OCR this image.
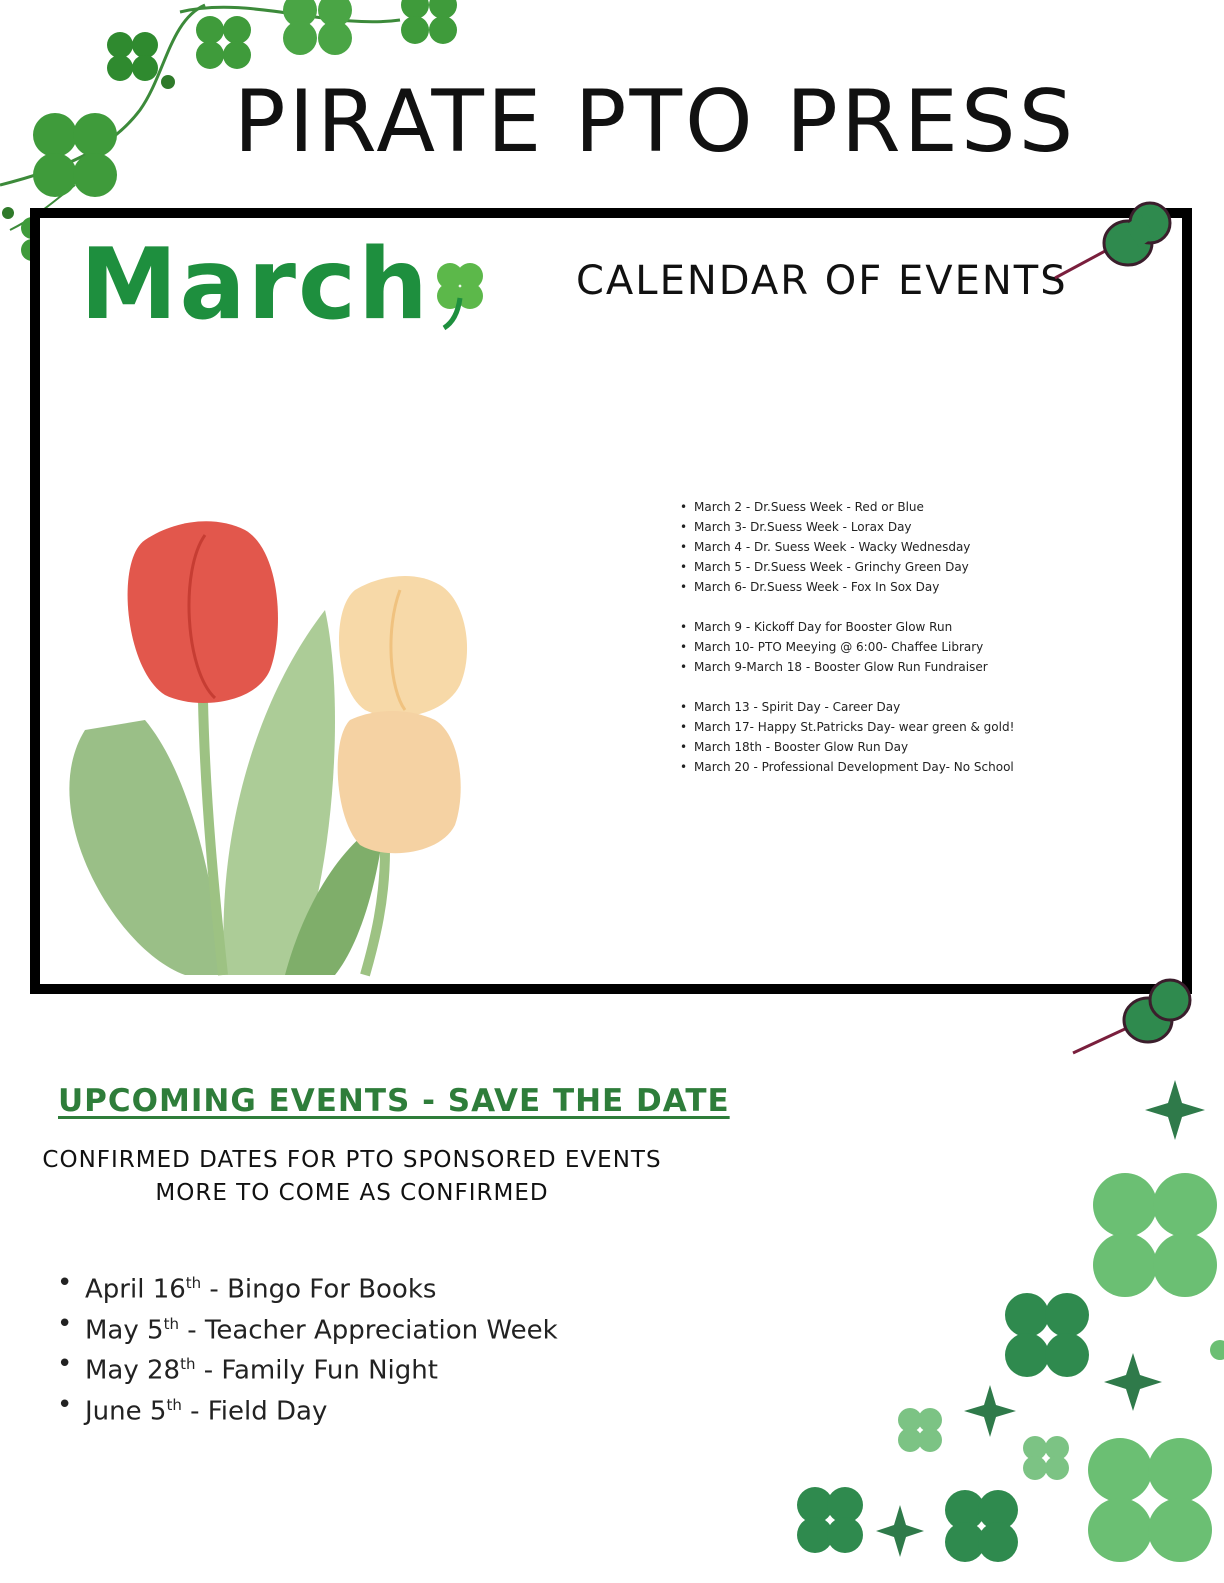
PIRATE PTO PRESS
March	CALENDAR OF EVENTS
• March 2 - Dr.Suess Week - Red or Blue
• March 3- Dr.Suess Week - Lorax Day
• March 4 - Dr. Suess Week - Wacky Wednesday
• March 5 - Dr.Suess Week - Grinchy Green Day
• March 6- Dr.Suess Week - Fox In Sox Day
• March 9 - Kickoff Day for Booster Glow Run
• March 10- PTO Meeying @ 6:00- Chaffee Library
• March 9-March 18 - Booster Glow Run Fundraiser
• March 13 - Spirit Day - Career Day
• March 17- Happy St.Patricks Day- wear green & gold!
• March 18th - Booster Glow Run Day
• March 20 - Professional Development Day- No School
UPCOMING EVENTS - SAVE THE DATE
CONFIRMED DATES FOR PTO SPONSORED EVENTS
MORE TO COME AS CONFIRMED
• April 16th - Bingo For Books
• May 5th - Teacher Appreciation Week
• May 28th - Family Fun Night
• June 5th - Field Day
